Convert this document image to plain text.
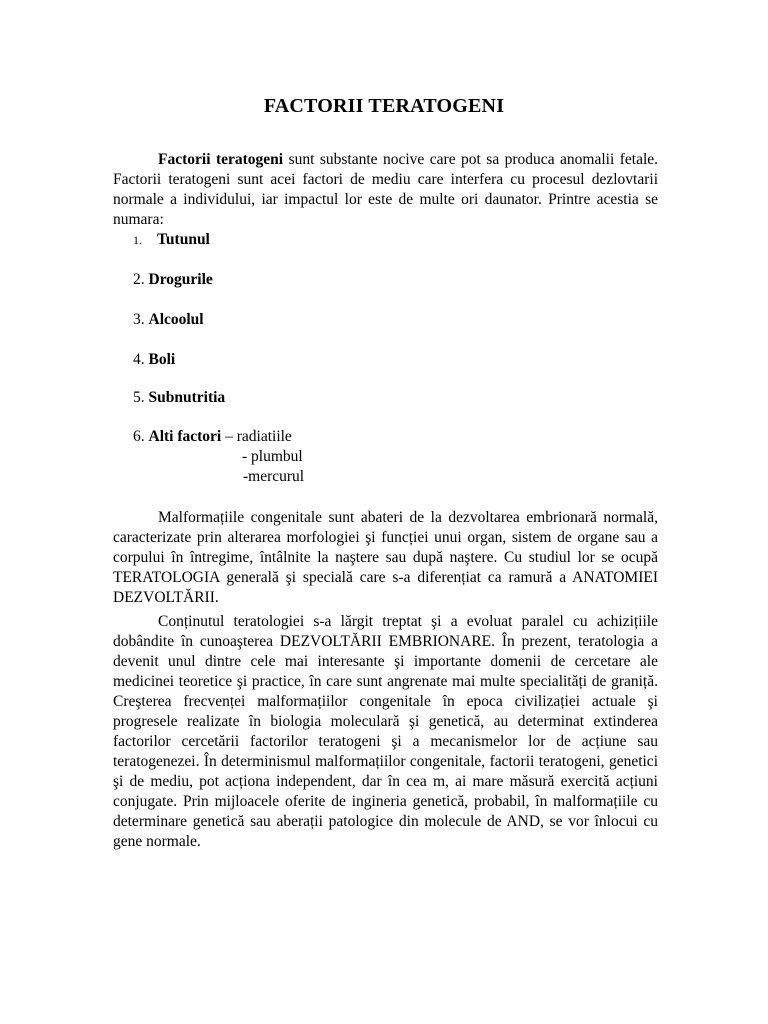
FACTORII TERATOGENI

Factorii teratogeni sunt substante nocive care pot sa produca anomalii fetale. Factorii teratogeni sunt acei factori de mediu care interfera cu procesul dezlovtarii normale a individului, iar impactul lor este de multe ori daunator. Printre acestia se numara:

1. Tutunul
2. Drogurile
3. Alcoolul
4. Boli
5. Subnutritia
6. Alti factori – radiatiile
- plumbul
-mercurul

Malformațiile congenitale sunt abateri de la dezvoltarea embrionară normală, caracterizate prin alterarea morfologiei şi funcției unui organ, sistem de organe sau a corpului în întregime, întâlnite la naştere sau după naştere. Cu studiul lor se ocupă TERATOLOGIA generală şi specială care s-a diferențiat ca ramură a ANATOMIEI DEZVOLTĂRII.

Conținutul teratologiei s-a lărgit treptat şi a evoluat paralel cu achizițiile dobândite în cunoaşterea DEZVOLTĂRII EMBRIONARE. În prezent, teratologia a devenit unul dintre cele mai interesante şi importante domenii de cercetare ale medicinei teoretice şi practice, în care sunt angrenate mai multe specialități de graniță. Creşterea frecvenței malformațiilor congenitale în epoca civilizației actuale şi progresele realizate în biologia moleculară şi genetică, au determinat extinderea factorilor cercetării factorilor teratogeni şi a mecanismelor lor de acțiune sau teratogenezei. În determinismul malformațiilor congenitale, factorii teratogeni, genetici şi de mediu, pot acționa independent, dar în cea m, ai mare măsură exercită acțiuni conjugate. Prin mijloacele oferite de ingineria genetică, probabil, în malformațiile cu determinare genetică sau aberații patologice din molecule de AND, se vor înlocui cu gene normale.
